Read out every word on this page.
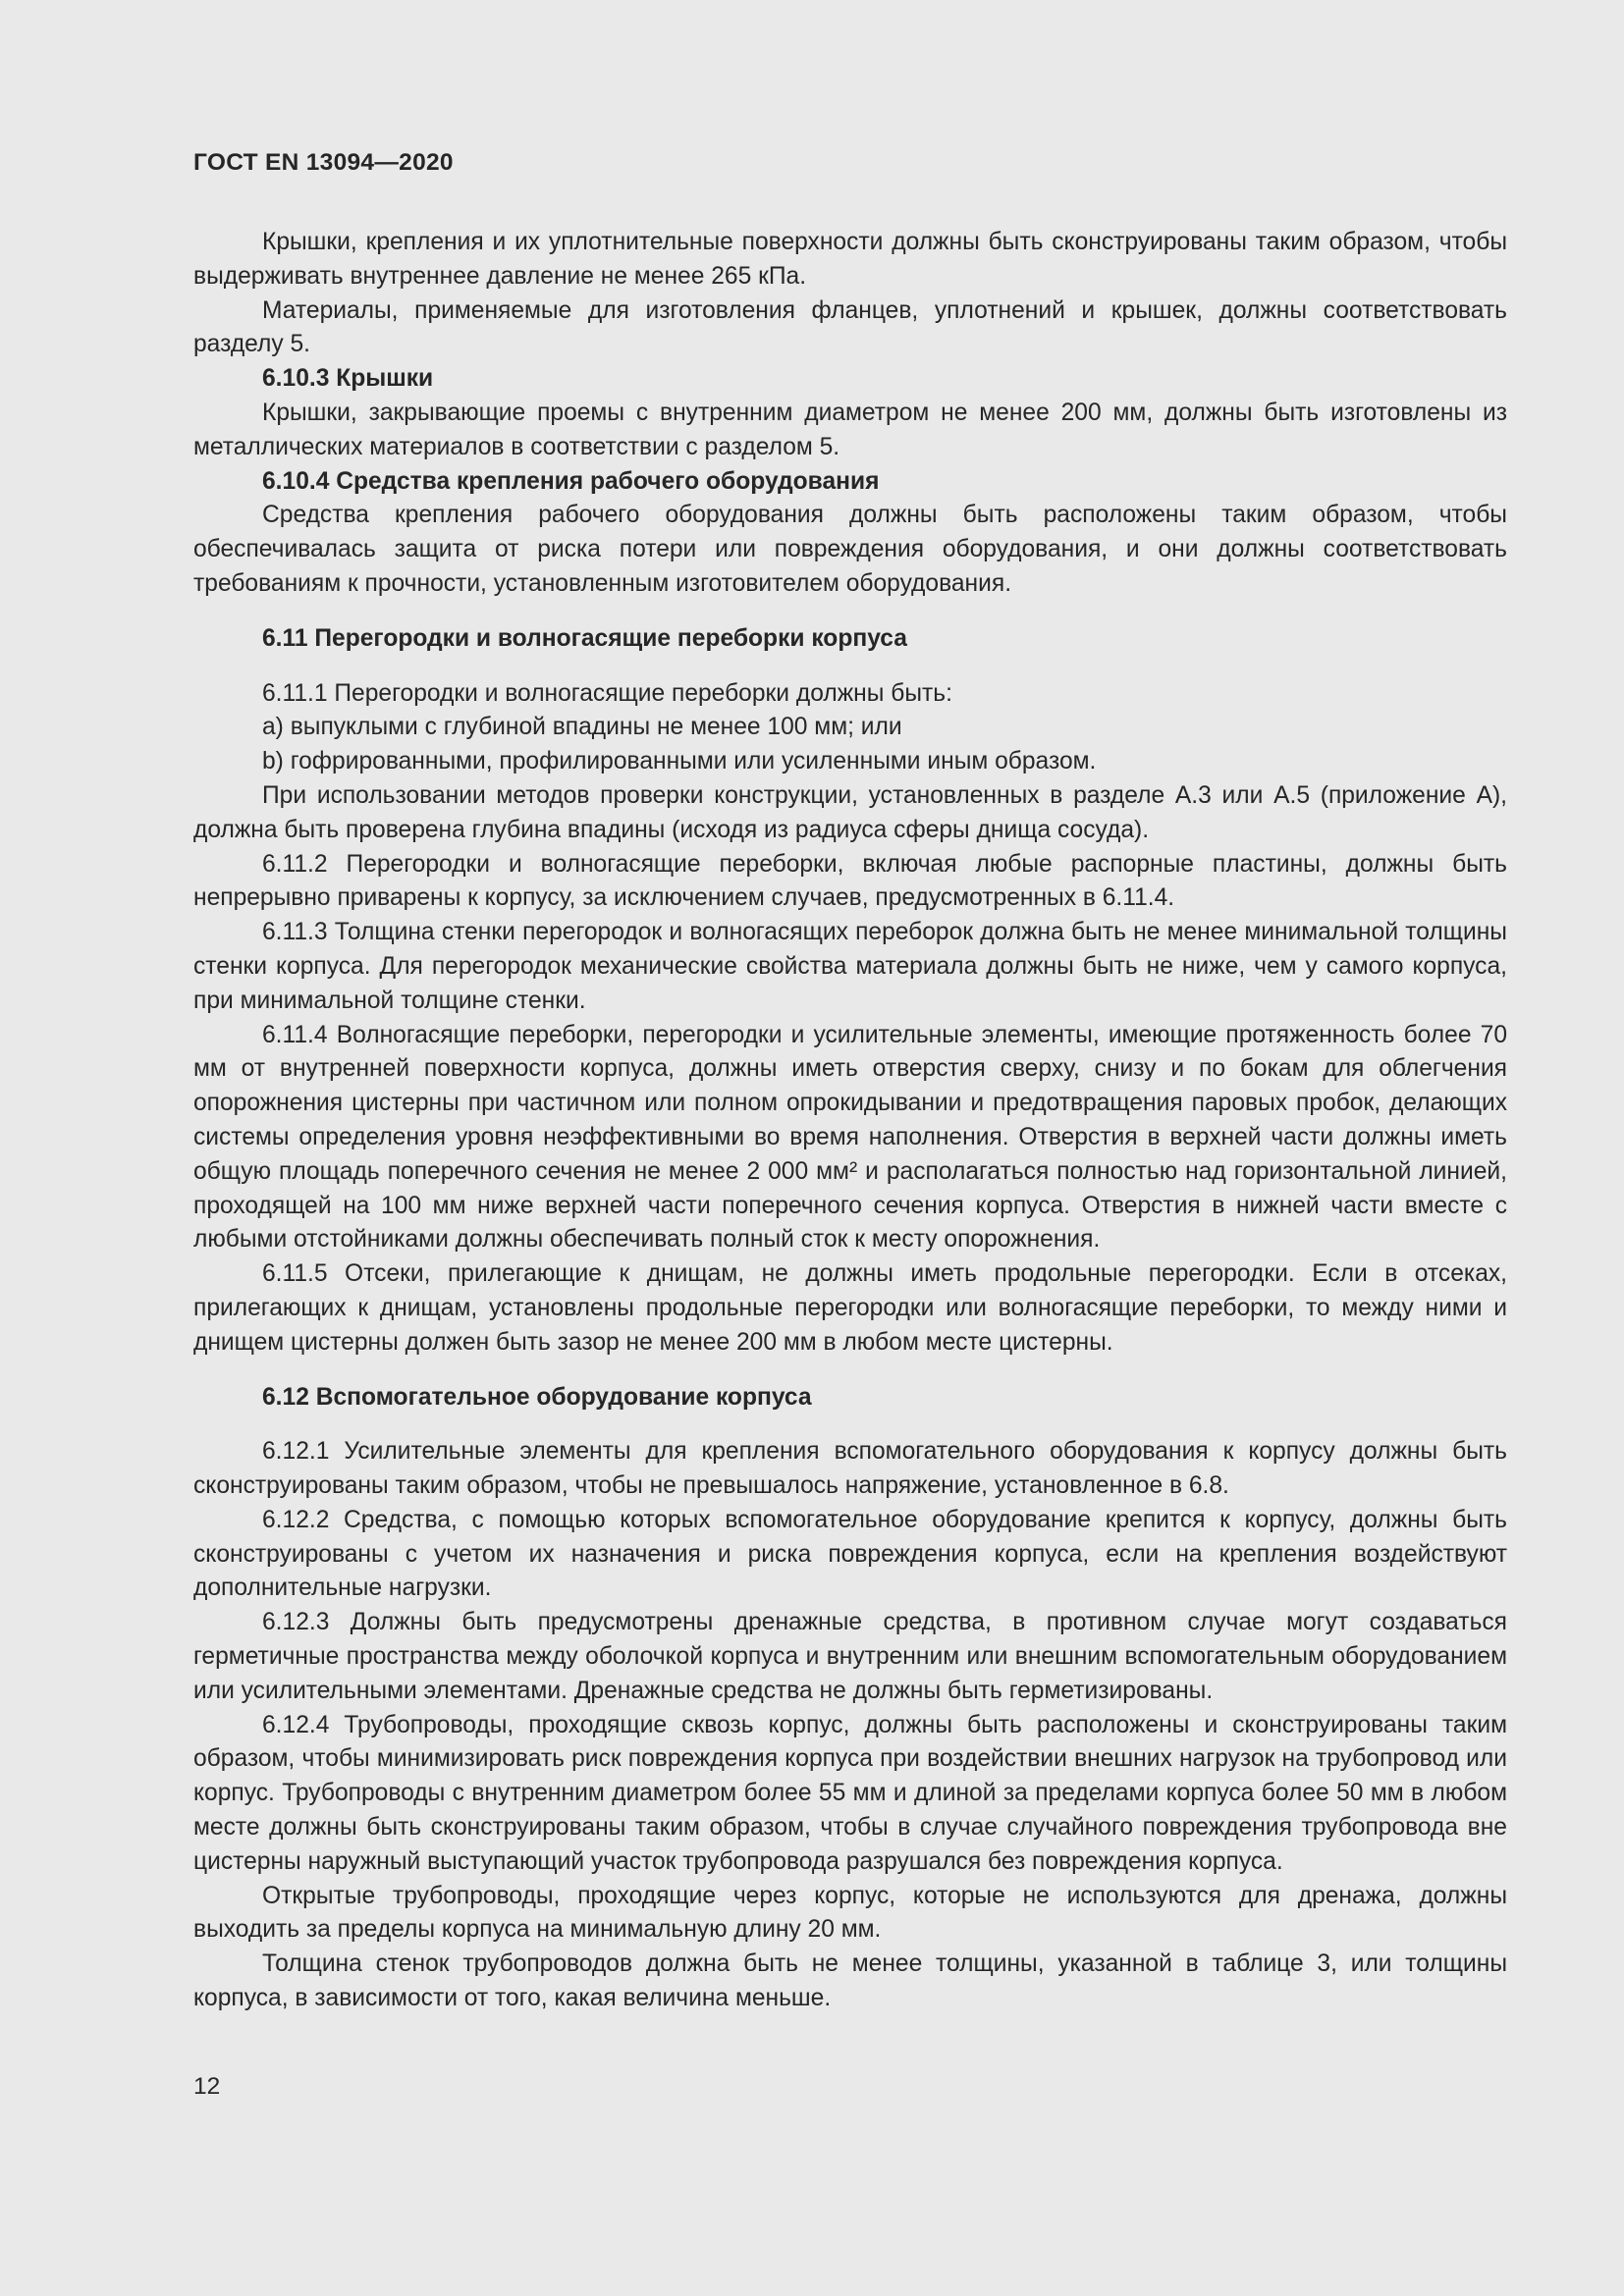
ГОСТ EN 13094—2020

Крышки, крепления и их уплотнительные поверхности должны быть сконструированы таким образом, чтобы выдерживать внутреннее давление не менее 265 кПа.

Материалы, применяемые для изготовления фланцев, уплотнений и крышек, должны соответствовать разделу 5.

6.10.3 Крышки

Крышки, закрывающие проемы с внутренним диаметром не менее 200 мм, должны быть изготовлены из металлических материалов в соответствии с разделом 5.

6.10.4 Средства крепления рабочего оборудования

Средства крепления рабочего оборудования должны быть расположены таким образом, чтобы обеспечивалась защита от риска потери или повреждения оборудования, и они должны соответствовать требованиям к прочности, установленным изготовителем оборудования.

6.11 Перегородки и волногасящие переборки корпуса

6.11.1 Перегородки и волногасящие переборки должны быть:

a) выпуклыми с глубиной впадины не менее 100 мм; или

b) гофрированными, профилированными или усиленными иным образом.

При использовании методов проверки конструкции, установленных в разделе А.3 или А.5 (приложение А), должна быть проверена глубина впадины (исходя из радиуса сферы днища сосуда).

6.11.2 Перегородки и волногасящие переборки, включая любые распорные пластины, должны быть непрерывно приварены к корпусу, за исключением случаев, предусмотренных в 6.11.4.

6.11.3 Толщина стенки перегородок и волногасящих переборок должна быть не менее минимальной толщины стенки корпуса. Для перегородок механические свойства материала должны быть не ниже, чем у самого корпуса, при минимальной толщине стенки.

6.11.4 Волногасящие переборки, перегородки и усилительные элементы, имеющие протяженность более 70 мм от внутренней поверхности корпуса, должны иметь отверстия сверху, снизу и по бокам для облегчения опорожнения цистерны при частичном или полном опрокидывании и предотвращения паровых пробок, делающих системы определения уровня неэффективными во время наполнения. Отверстия в верхней части должны иметь общую площадь поперечного сечения не менее 2 000 мм² и располагаться полностью над горизонтальной линией, проходящей на 100 мм ниже верхней части поперечного сечения корпуса. Отверстия в нижней части вместе с любыми отстойниками должны обеспечивать полный сток к месту опорожнения.

6.11.5 Отсеки, прилегающие к днищам, не должны иметь продольные перегородки. Если в отсеках, прилегающих к днищам, установлены продольные перегородки или волногасящие переборки, то между ними и днищем цистерны должен быть зазор не менее 200 мм в любом месте цистерны.

6.12 Вспомогательное оборудование корпуса

6.12.1 Усилительные элементы для крепления вспомогательного оборудования к корпусу должны быть сконструированы таким образом, чтобы не превышалось напряжение, установленное в 6.8.

6.12.2 Средства, с помощью которых вспомогательное оборудование крепится к корпусу, должны быть сконструированы с учетом их назначения и риска повреждения корпуса, если на крепления воздействуют дополнительные нагрузки.

6.12.3 Должны быть предусмотрены дренажные средства, в противном случае могут создаваться герметичные пространства между оболочкой корпуса и внутренним или внешним вспомогательным оборудованием или усилительными элементами. Дренажные средства не должны быть герметизированы.

6.12.4 Трубопроводы, проходящие сквозь корпус, должны быть расположены и сконструированы таким образом, чтобы минимизировать риск повреждения корпуса при воздействии внешних нагрузок на трубопровод или корпус. Трубопроводы с внутренним диаметром более 55 мм и длиной за пределами корпуса более 50 мм в любом месте должны быть сконструированы таким образом, чтобы в случае случайного повреждения трубопровода вне цистерны наружный выступающий участок трубопровода разрушался без повреждения корпуса.

Открытые трубопроводы, проходящие через корпус, которые не используются для дренажа, должны выходить за пределы корпуса на минимальную длину 20 мм.

Толщина стенок трубопроводов должна быть не менее толщины, указанной в таблице 3, или толщины корпуса, в зависимости от того, какая величина меньше.

12
